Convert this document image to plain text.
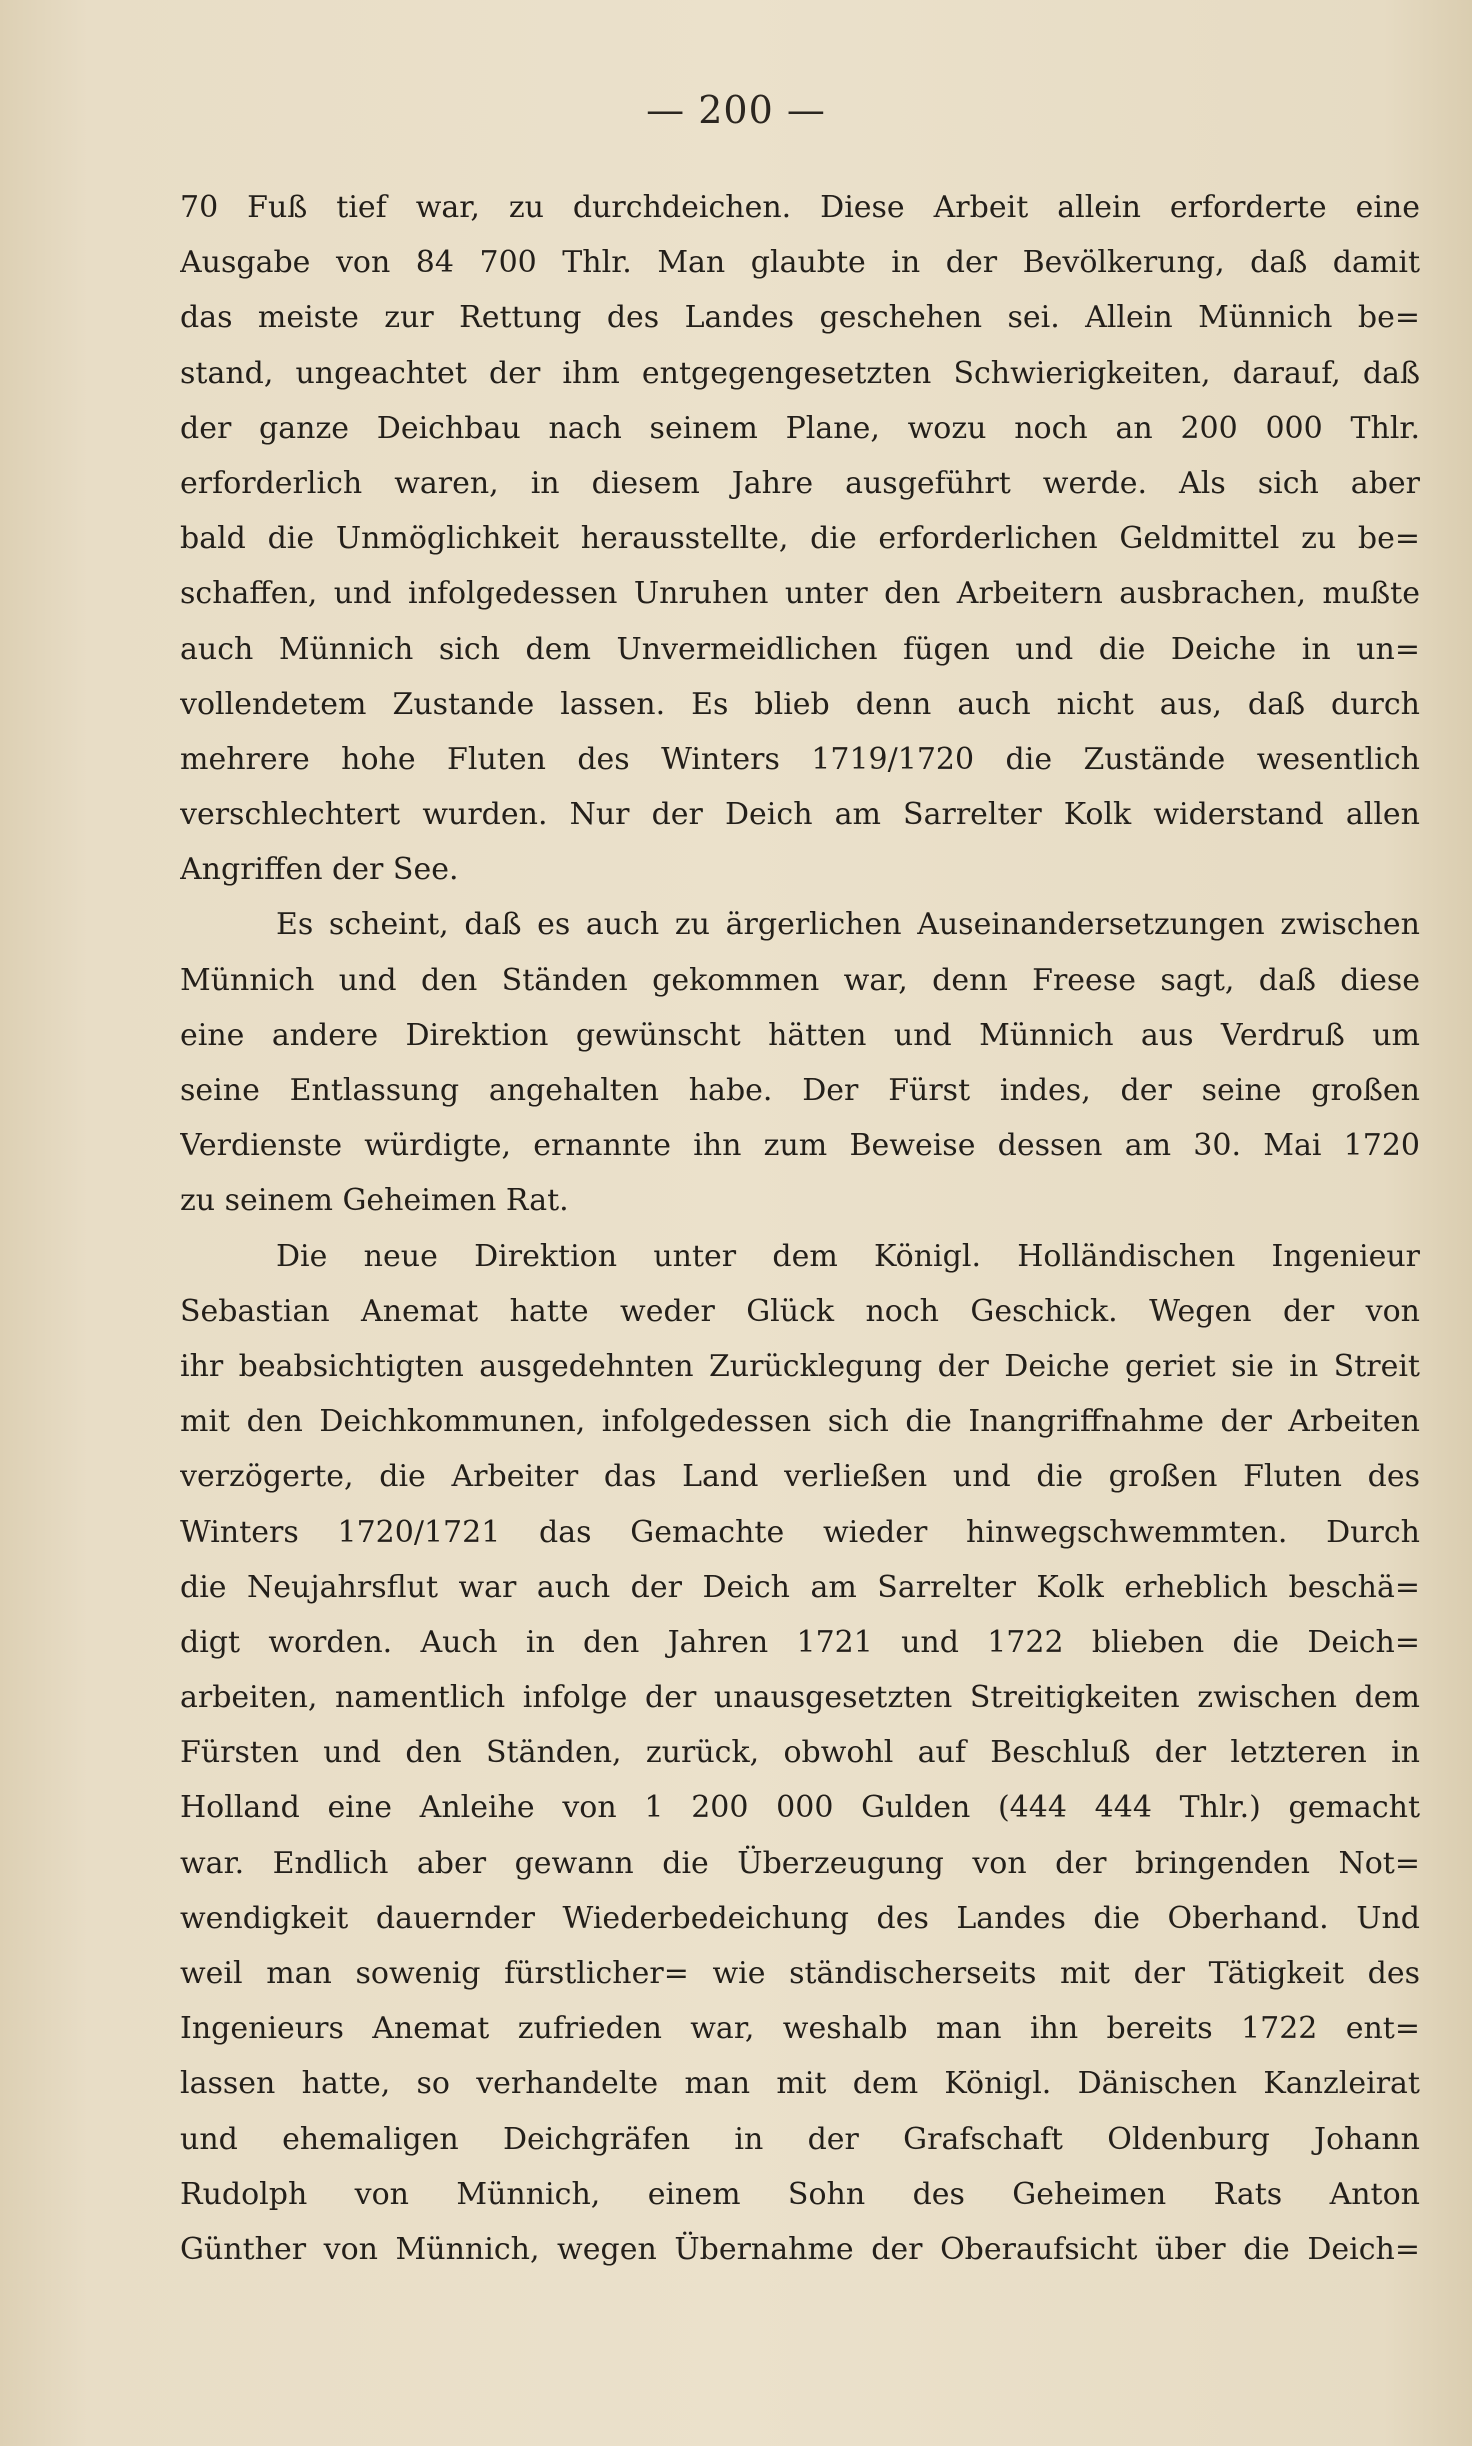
— 200 —
70 Fuß tief war, zu durchdeichen. Diese Arbeit allein erforderte eine
Ausgabe von 84 700 Thlr. Man glaubte in der Bevölkerung, daß damit
das meiste zur Rettung des Landes geschehen sei. Allein Münnich be=
stand, ungeachtet der ihm entgegengesetzten Schwierigkeiten, darauf, daß
der ganze Deichbau nach seinem Plane, wozu noch an 200 000 Thlr.
erforderlich waren, in diesem Jahre ausgeführt werde. Als sich aber
bald die Unmöglichkeit herausstellte, die erforderlichen Geldmittel zu be=
schaffen, und infolgedessen Unruhen unter den Arbeitern ausbrachen, mußte
auch Münnich sich dem Unvermeidlichen fügen und die Deiche in un=
vollendetem Zustande lassen. Es blieb denn auch nicht aus, daß durch
mehrere hohe Fluten des Winters 1719/1720 die Zustände wesentlich
verschlechtert wurden. Nur der Deich am Sarrelter Kolk widerstand allen
Angriffen der See.
Es scheint, daß es auch zu ärgerlichen Auseinandersetzungen zwischen
Münnich und den Ständen gekommen war, denn Freese sagt, daß diese
eine andere Direktion gewünscht hätten und Münnich aus Verdruß um
seine Entlassung angehalten habe. Der Fürst indes, der seine großen
Verdienste würdigte, ernannte ihn zum Beweise dessen am 30. Mai 1720
zu seinem Geheimen Rat.
Die neue Direktion unter dem Königl. Holländischen Ingenieur
Sebastian Anemat hatte weder Glück noch Geschick. Wegen der von
ihr beabsichtigten ausgedehnten Zurücklegung der Deiche geriet sie in Streit
mit den Deichkommunen, infolgedessen sich die Inangriffnahme der Arbeiten
verzögerte, die Arbeiter das Land verließen und die großen Fluten des
Winters 1720/1721 das Gemachte wieder hinwegschwemmten. Durch
die Neujahrsflut war auch der Deich am Sarrelter Kolk erheblich beschä=
digt worden. Auch in den Jahren 1721 und 1722 blieben die Deich=
arbeiten, namentlich infolge der unausgesetzten Streitigkeiten zwischen dem
Fürsten und den Ständen, zurück, obwohl auf Beschluß der letzteren in
Holland eine Anleihe von 1 200 000 Gulden (444 444 Thlr.) gemacht
war. Endlich aber gewann die Überzeugung von der bringenden Not=
wendigkeit dauernder Wiederbedeichung des Landes die Oberhand. Und
weil man sowenig fürstlicher= wie ständischerseits mit der Tätigkeit des
Ingenieurs Anemat zufrieden war, weshalb man ihn bereits 1722 ent=
lassen hatte, so verhandelte man mit dem Königl. Dänischen Kanzleirat
und ehemaligen Deichgräfen in der Grafschaft Oldenburg Johann
Rudolph von Münnich, einem Sohn des Geheimen Rats Anton
Günther von Münnich, wegen Übernahme der Oberaufsicht über die Deich=
